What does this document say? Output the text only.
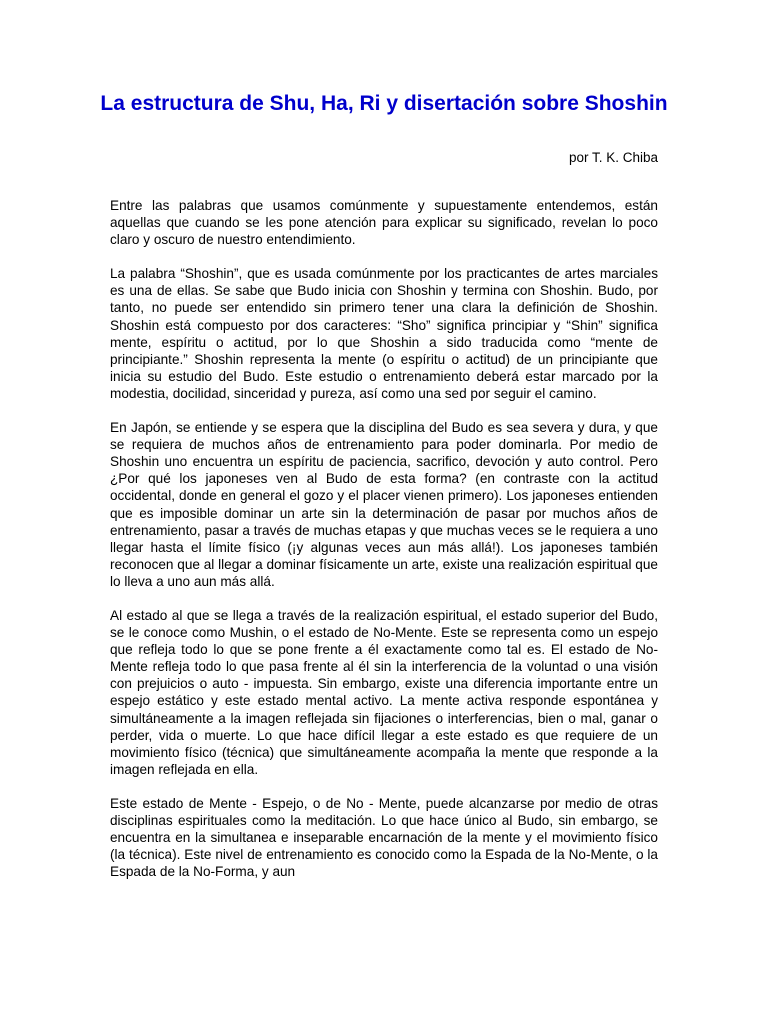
La estructura de Shu, Ha, Ri y disertación sobre Shoshin

por T. K. Chiba

Entre las palabras que usamos comúnmente y supuestamente entendemos, están aquellas que cuando se les pone atención para explicar su significado, revelan lo poco claro y oscuro de nuestro entendimiento.

La palabra “Shoshin”, que es usada comúnmente por los practicantes de artes marciales es una de ellas. Se sabe que Budo inicia con Shoshin y termina con Shoshin. Budo, por tanto, no puede ser entendido sin primero tener una clara la definición de Shoshin. Shoshin está compuesto por dos caracteres: “Sho” significa principiar y “Shin” significa mente, espíritu o actitud, por lo que Shoshin a sido traducida como “mente de principiante.” Shoshin representa la mente (o espíritu o actitud) de un principiante que inicia su estudio del Budo. Este estudio o entrenamiento deberá estar marcado por la modestia, docilidad, sinceridad y pureza, así como una sed por seguir el camino.

En Japón, se entiende y se espera que la disciplina del Budo es sea severa y dura, y que se requiera de muchos años de entrenamiento para poder dominarla. Por medio de Shoshin uno encuentra un espíritu de paciencia, sacrifico, devoción y auto control. Pero ¿Por qué los japoneses ven al Budo de esta forma? (en contraste con la actitud occidental, donde en general el gozo y el placer vienen primero). Los japoneses entienden que es imposible dominar un arte sin la determinación de pasar por muchos años de entrenamiento, pasar a través de muchas etapas y que muchas veces se le requiera a uno llegar hasta el límite físico (¡y algunas veces aun más allá!). Los japoneses también reconocen que al llegar a dominar físicamente un arte, existe una realización espiritual que lo lleva a uno aun más allá.

Al estado al que se llega a través de la realización espiritual, el estado superior del Budo, se le conoce como Mushin, o el estado de No-Mente. Este se representa como un espejo que refleja todo lo que se pone frente a él exactamente como tal es. El estado de No-Mente refleja todo lo que pasa frente al él sin la interferencia de la voluntad o una visión con prejuicios o auto - impuesta. Sin embargo, existe una diferencia importante entre un espejo estático y este estado mental activo. La mente activa responde espontánea y simultáneamente a la imagen reflejada sin fijaciones o interferencias, bien o mal, ganar o perder, vida o muerte. Lo que hace difícil llegar a este estado es que requiere de un movimiento físico (técnica) que simultáneamente acompaña la mente que responde a la imagen reflejada en ella.

Este estado de Mente - Espejo, o de No - Mente, puede alcanzarse por medio de otras disciplinas espirituales como la meditación. Lo que hace único al Budo, sin embargo, se encuentra en la simultanea e inseparable encarnación de la mente y el movimiento físico (la técnica). Este nivel de entrenamiento es conocido como la Espada de la No-Mente, o la Espada de la No-Forma, y aun
